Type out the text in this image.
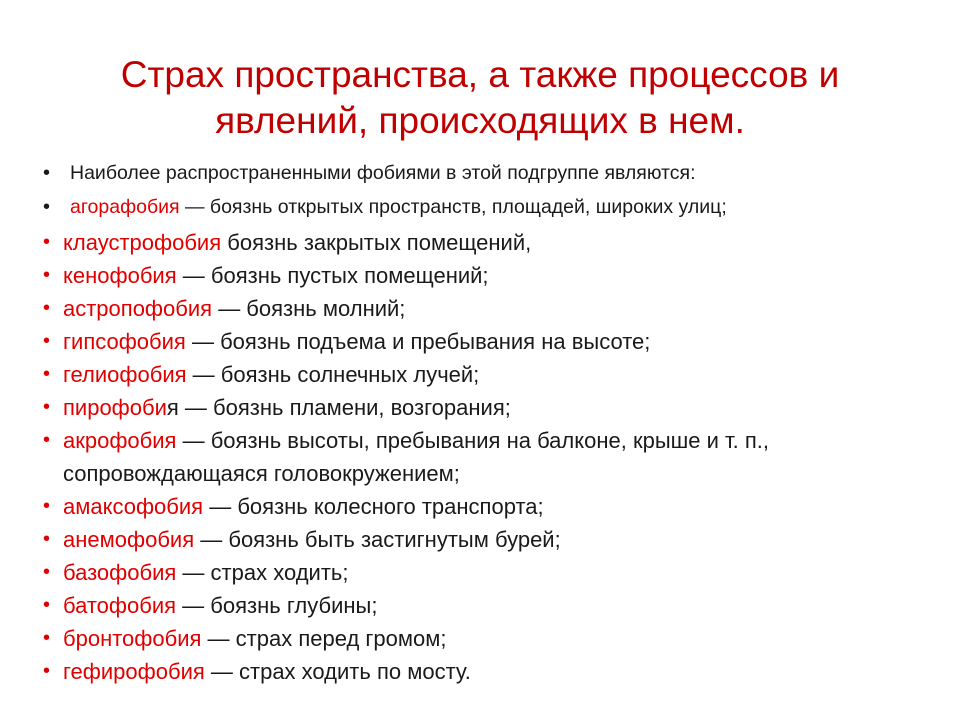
Страх пространства, а также процессов и
явлений, происходящих в нем.
• Наиболее распространенными фобиями в этой подгруппе являются:
• агорафобия — боязнь открытых пространств, площадей, широких улиц;
• клаустрофобия боязнь закрытых помещений,
• кенофобия — боязнь пустых помещений;
• астропофобия — боязнь молний;
• гипсофобия — боязнь подъема и пребывания на высоте;
• гелиофобия — боязнь солнечных лучей;
• пирофобия — боязнь пламени, возгорания;
• акрофобия — боязнь высоты, пребывания на балконе, крыше и т. п., сопровождающаяся головокружением;
• амаксофобия — боязнь колесного транспорта;
• анемофобия — боязнь быть застигнутым бурей;
• базофобия — страх ходить;
• батофобия — боязнь глубины;
• бронтофобия — страх перед громом;
• гефирофобия — страх ходить по мосту.
